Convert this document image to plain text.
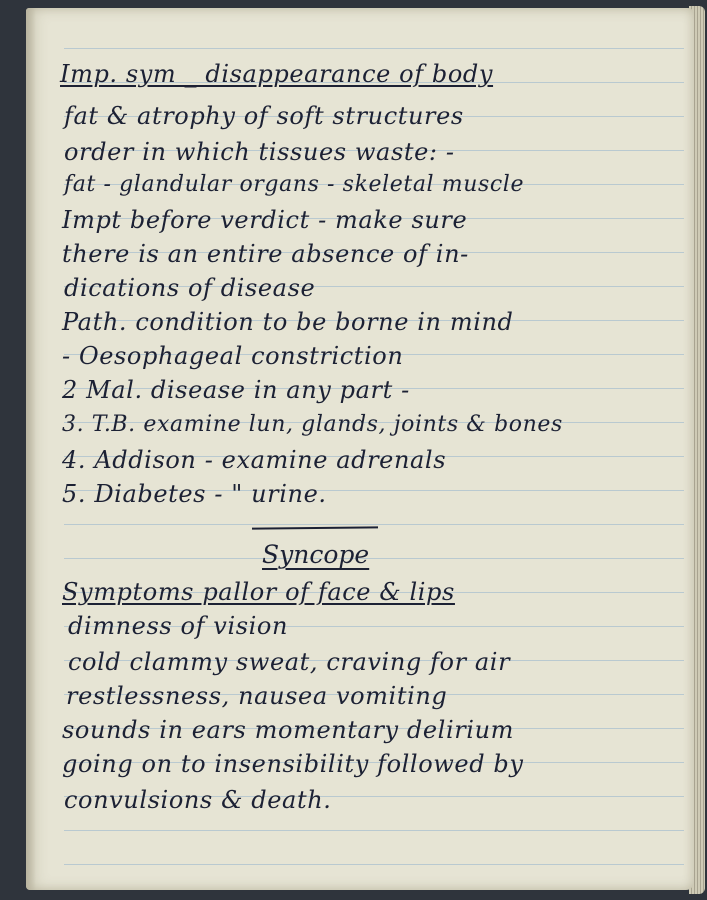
Imp. sym _ disappearance of body

fat & atrophy of soft structures

order in which tissues waste: -

fat - glandular organs - skeletal muscle

Impt before verdict - make sure

there is an entire absence of in-

dications of disease

Path. condition to be borne in mind

- Oesophageal constriction

2 Mal. disease in any part -

3. T.B. examine lun, glands, joints & bones

4. Addison - examine adrenals

5. Diabetes - " urine.

Syncope

Symptoms pallor of face & lips

dimness of vision

cold clammy sweat, craving for air

restlessness, nausea vomiting

sounds in ears momentary delirium

going on to insensibility followed by

convulsions & death.
